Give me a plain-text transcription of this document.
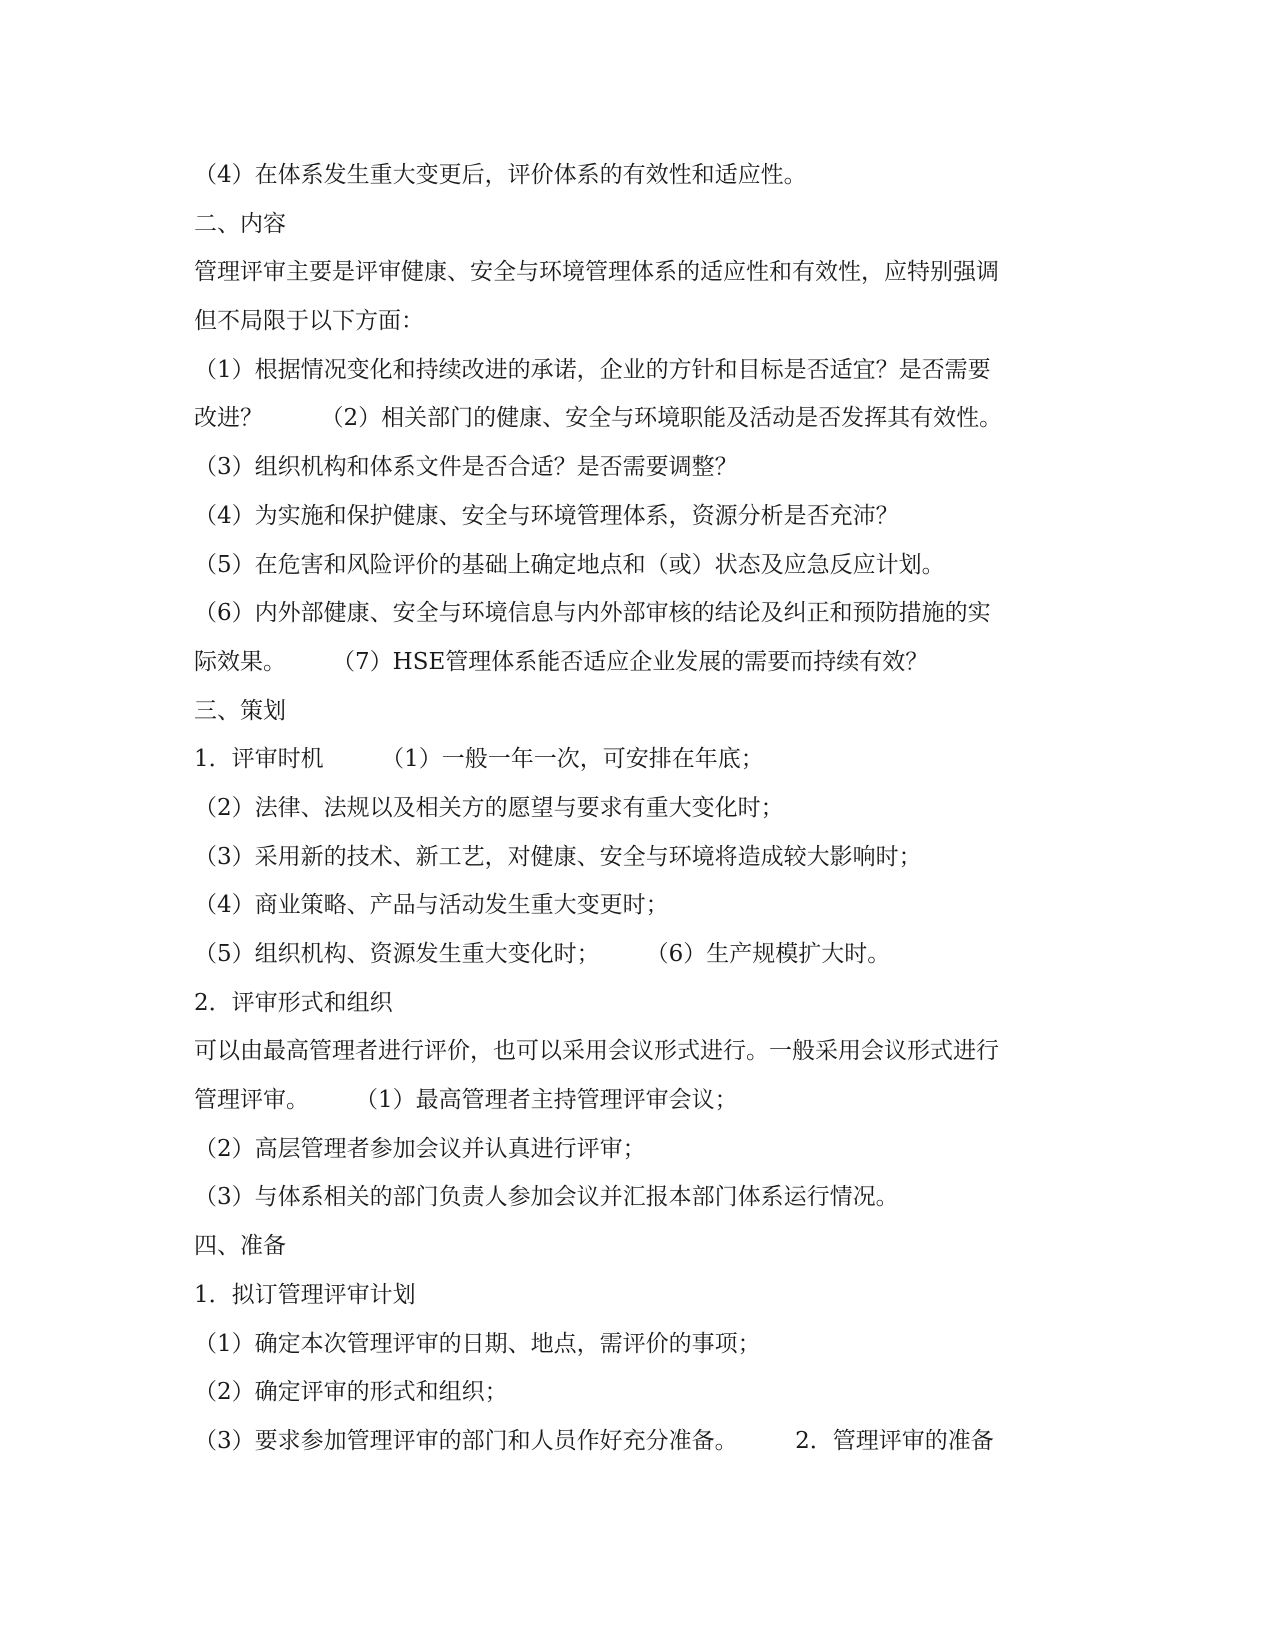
（4）在体系发生重大变更后，评价体系的有效性和适应性。
二、内容
管理评审主要是评审健康、安全与环境管理体系的适应性和有效性，应特别强调
但不局限于以下方面：
（1）根据情况变化和持续改进的承诺，企业的方针和目标是否适宜？是否需要
改进？　　　（2）相关部门的健康、安全与环境职能及活动是否发挥其有效性。
（3）组织机构和体系文件是否合适？是否需要调整？
（4）为实施和保护健康、安全与环境管理体系，资源分析是否充沛？
（5）在危害和风险评价的基础上确定地点和（或）状态及应急反应计划。
（6）内外部健康、安全与环境信息与内外部审核的结论及纠正和预防措施的实
际效果。　　　（7）HSE管理体系能否适应企业发展的需要而持续有效？
三、策划
1．评审时机　　　（1）一般一年一次，可安排在年底；
（2）法律、法规以及相关方的愿望与要求有重大变化时；
（3）采用新的技术、新工艺，对健康、安全与环境将造成较大影响时；
（4）商业策略、产品与活动发生重大变更时；
（5）组织机构、资源发生重大变化时；　　　（6）生产规模扩大时。
2．评审形式和组织
可以由最高管理者进行评价，也可以采用会议形式进行。一般采用会议形式进行
管理评审。　　　（1）最高管理者主持管理评审会议；
（2）高层管理者参加会议并认真进行评审；
（3）与体系相关的部门负责人参加会议并汇报本部门体系运行情况。
四、准备
1．拟订管理评审计划
（1）确定本次管理评审的日期、地点，需评价的事项；
（2）确定评审的形式和组织；
（3）要求参加管理评审的部门和人员作好充分准备。　　　2．管理评审的准备
